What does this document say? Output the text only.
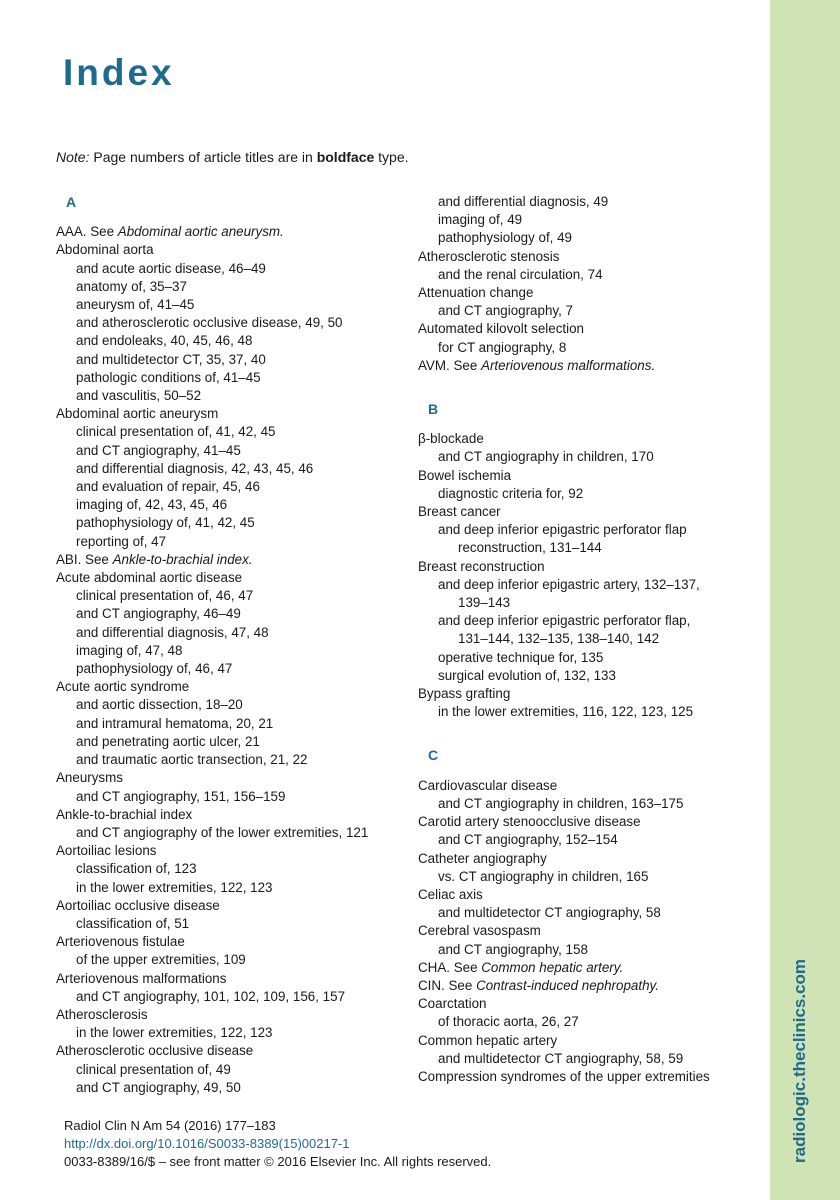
radiologic.theclinics.com
Index
Note: Page numbers of article titles are in boldface type.
A
AAA. See Abdominal aortic aneurysm.
Abdominal aorta
and acute aortic disease, 46–49
anatomy of, 35–37
aneurysm of, 41–45
and atherosclerotic occlusive disease, 49, 50
and endoleaks, 40, 45, 46, 48
and multidetector CT, 35, 37, 40
pathologic conditions of, 41–45
and vasculitis, 50–52
Abdominal aortic aneurysm
clinical presentation of, 41, 42, 45
and CT angiography, 41–45
and differential diagnosis, 42, 43, 45, 46
and evaluation of repair, 45, 46
imaging of, 42, 43, 45, 46
pathophysiology of, 41, 42, 45
reporting of, 47
ABI. See Ankle-to-brachial index.
Acute abdominal aortic disease
clinical presentation of, 46, 47
and CT angiography, 46–49
and differential diagnosis, 47, 48
imaging of, 47, 48
pathophysiology of, 46, 47
Acute aortic syndrome
and aortic dissection, 18–20
and intramural hematoma, 20, 21
and penetrating aortic ulcer, 21
and traumatic aortic transection, 21, 22
Aneurysms
and CT angiography, 151, 156–159
Ankle-to-brachial index
and CT angiography of the lower extremities, 121
Aortoiliac lesions
classification of, 123
in the lower extremities, 122, 123
Aortoiliac occlusive disease
classification of, 51
Arteriovenous fistulae
of the upper extremities, 109
Arteriovenous malformations
and CT angiography, 101, 102, 109, 156, 157
Atherosclerosis
in the lower extremities, 122, 123
Atherosclerotic occlusive disease
clinical presentation of, 49
and CT angiography, 49, 50
and differential diagnosis, 49
imaging of, 49
pathophysiology of, 49
Atherosclerotic stenosis
and the renal circulation, 74
Attenuation change
and CT angiography, 7
Automated kilovolt selection
for CT angiography, 8
AVM. See Arteriovenous malformations.
B
β-blockade
and CT angiography in children, 170
Bowel ischemia
diagnostic criteria for, 92
Breast cancer
and deep inferior epigastric perforator flap
reconstruction, 131–144
Breast reconstruction
and deep inferior epigastric artery, 132–137,
139–143
and deep inferior epigastric perforator flap,
131–144, 132–135, 138–140, 142
operative technique for, 135
surgical evolution of, 132, 133
Bypass grafting
in the lower extremities, 116, 122, 123, 125
C
Cardiovascular disease
and CT angiography in children, 163–175
Carotid artery stenoocclusive disease
and CT angiography, 152–154
Catheter angiography
vs. CT angiography in children, 165
Celiac axis
and multidetector CT angiography, 58
Cerebral vasospasm
and CT angiography, 158
CHA. See Common hepatic artery.
CIN. See Contrast-induced nephropathy.
Coarctation
of thoracic aorta, 26, 27
Common hepatic artery
and multidetector CT angiography, 58, 59
Compression syndromes of the upper extremities
Radiol Clin N Am 54 (2016) 177–183
http://dx.doi.org/10.1016/S0033-8389(15)00217-1
0033-8389/16/$ – see front matter © 2016 Elsevier Inc. All rights reserved.
